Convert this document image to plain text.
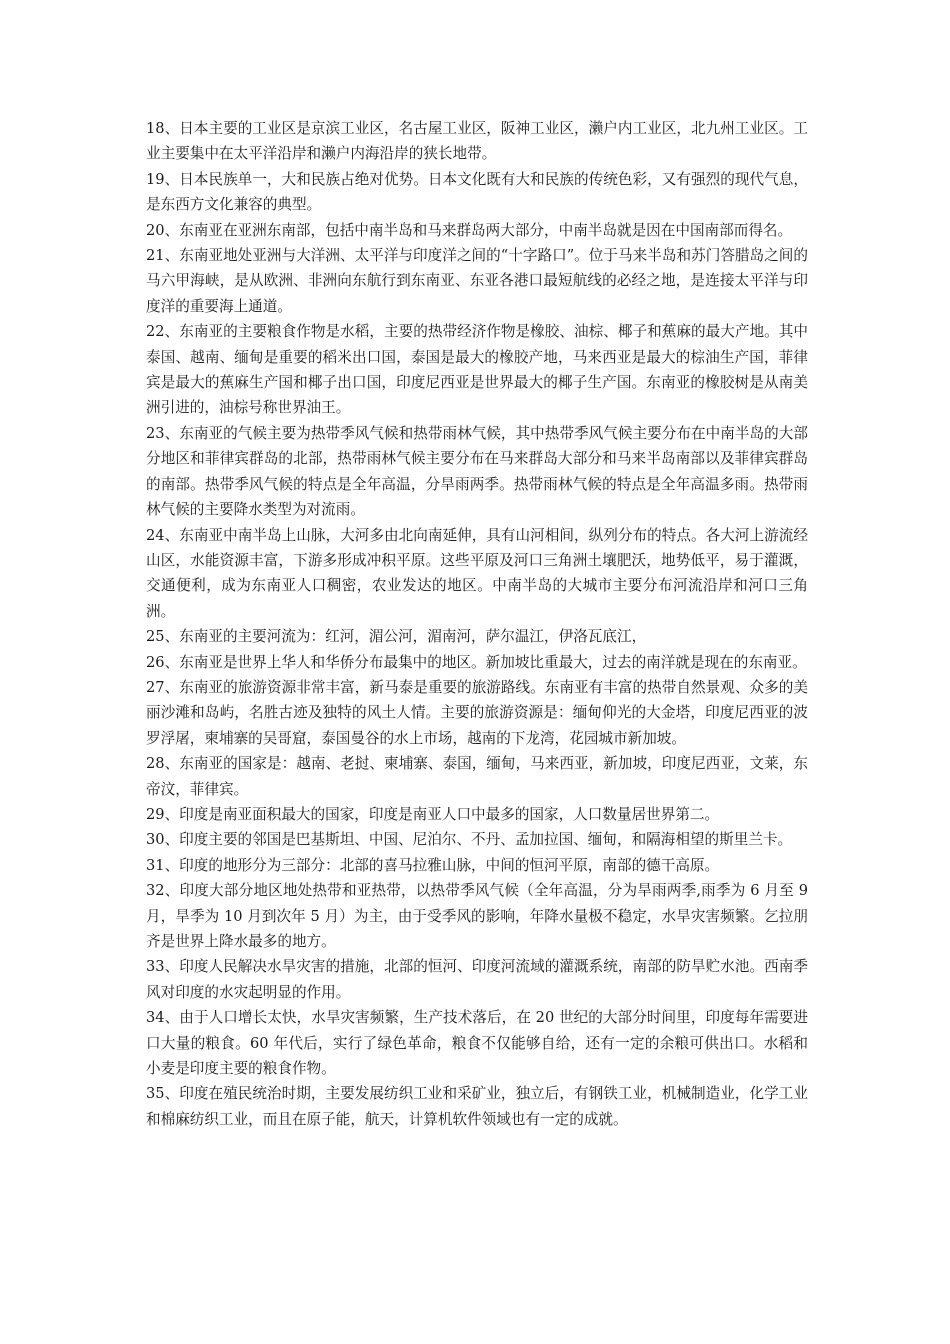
18、日本主要的工业区是京滨工业区，名古屋工业区，阪神工业区，濑户内工业区，北九州工业区。工业主要集中在太平洋沿岸和濑户内海沿岸的狭长地带。

19、日本民族单一，大和民族占绝对优势。日本文化既有大和民族的传统色彩，又有强烈的现代气息，是东西方文化兼容的典型。

20、东南亚在亚洲东南部，包括中南半岛和马来群岛两大部分，中南半岛就是因在中国南部而得名。

21、东南亚地处亚洲与大洋洲、太平洋与印度洋之间的“十字路口”。位于马来半岛和苏门答腊岛之间的马六甲海峡，是从欧洲、非洲向东航行到东南亚、东亚各港口最短航线的必经之地，是连接太平洋与印度洋的重要海上通道。

22、东南亚的主要粮食作物是水稻，主要的热带经济作物是橡胶、油棕、椰子和蕉麻的最大产地。其中泰国、越南、缅甸是重要的稻米出口国，泰国是最大的橡胶产地，马来西亚是最大的棕油生产国，菲律宾是最大的蕉麻生产国和椰子出口国，印度尼西亚是世界最大的椰子生产国。东南亚的橡胶树是从南美洲引进的，油棕号称世界油王。

23、东南亚的气候主要为热带季风气候和热带雨林气候，其中热带季风气候主要分布在中南半岛的大部分地区和菲律宾群岛的北部，热带雨林气候主要分布在马来群岛大部分和马来半岛南部以及菲律宾群岛的南部。热带季风气候的特点是全年高温，分旱雨两季。热带雨林气候的特点是全年高温多雨。热带雨林气候的主要降水类型为对流雨。

24、东南亚中南半岛上山脉，大河多由北向南延伸，具有山河相间，纵列分布的特点。各大河上游流经山区，水能资源丰富，下游多形成冲积平原。这些平原及河口三角洲土壤肥沃，地势低平，易于灌溉，交通便利，成为东南亚人口稠密，农业发达的地区。中南半岛的大城市主要分布河流沿岸和河口三角洲。

25、东南亚的主要河流为：红河，湄公河，湄南河，萨尔温江，伊洛瓦底江，

26、东南亚是世界上华人和华侨分布最集中的地区。新加坡比重最大，过去的南洋就是现在的东南亚。

27、东南亚的旅游资源非常丰富，新马泰是重要的旅游路线。东南亚有丰富的热带自然景观、众多的美丽沙滩和岛屿，名胜古迹及独特的风土人情。主要的旅游资源是：缅甸仰光的大金塔，印度尼西亚的波罗浮屠，柬埔寨的吴哥窟，泰国曼谷的水上市场，越南的下龙湾，花园城市新加坡。

28、东南亚的国家是：越南、老挝、柬埔寨、泰国，缅甸，马来西亚，新加坡，印度尼西亚，文莱，东帝汶，菲律宾。

29、印度是南亚面积最大的国家，印度是南亚人口中最多的国家，人口数量居世界第二。

30、印度主要的邻国是巴基斯坦、中国、尼泊尔、不丹、孟加拉国、缅甸，和隔海相望的斯里兰卡。

31、印度的地形分为三部分：北部的喜马拉雅山脉，中间的恒河平原，南部的德干高原。

32、印度大部分地区地处热带和亚热带，以热带季风气候（全年高温，分为旱雨两季,雨季为 6 月至 9 月，旱季为 10 月到次年 5 月）为主，由于受季风的影响，年降水量极不稳定，水旱灾害频繁。乞拉朋齐是世界上降水最多的地方。

33、印度人民解决水旱灾害的措施，北部的恒河、印度河流域的灌溉系统，南部的防旱贮水池。西南季风对印度的水灾起明显的作用。

34、由于人口增长太快，水旱灾害频繁，生产技术落后，在 20 世纪的大部分时间里，印度每年需要进口大量的粮食。60 年代后，实行了绿色革命，粮食不仅能够自给，还有一定的余粮可供出口。水稻和小麦是印度主要的粮食作物。

35、印度在殖民统治时期，主要发展纺织工业和采矿业，独立后，有钢铁工业，机械制造业，化学工业和棉麻纺织工业，而且在原子能，航天，计算机软件领域也有一定的成就。
